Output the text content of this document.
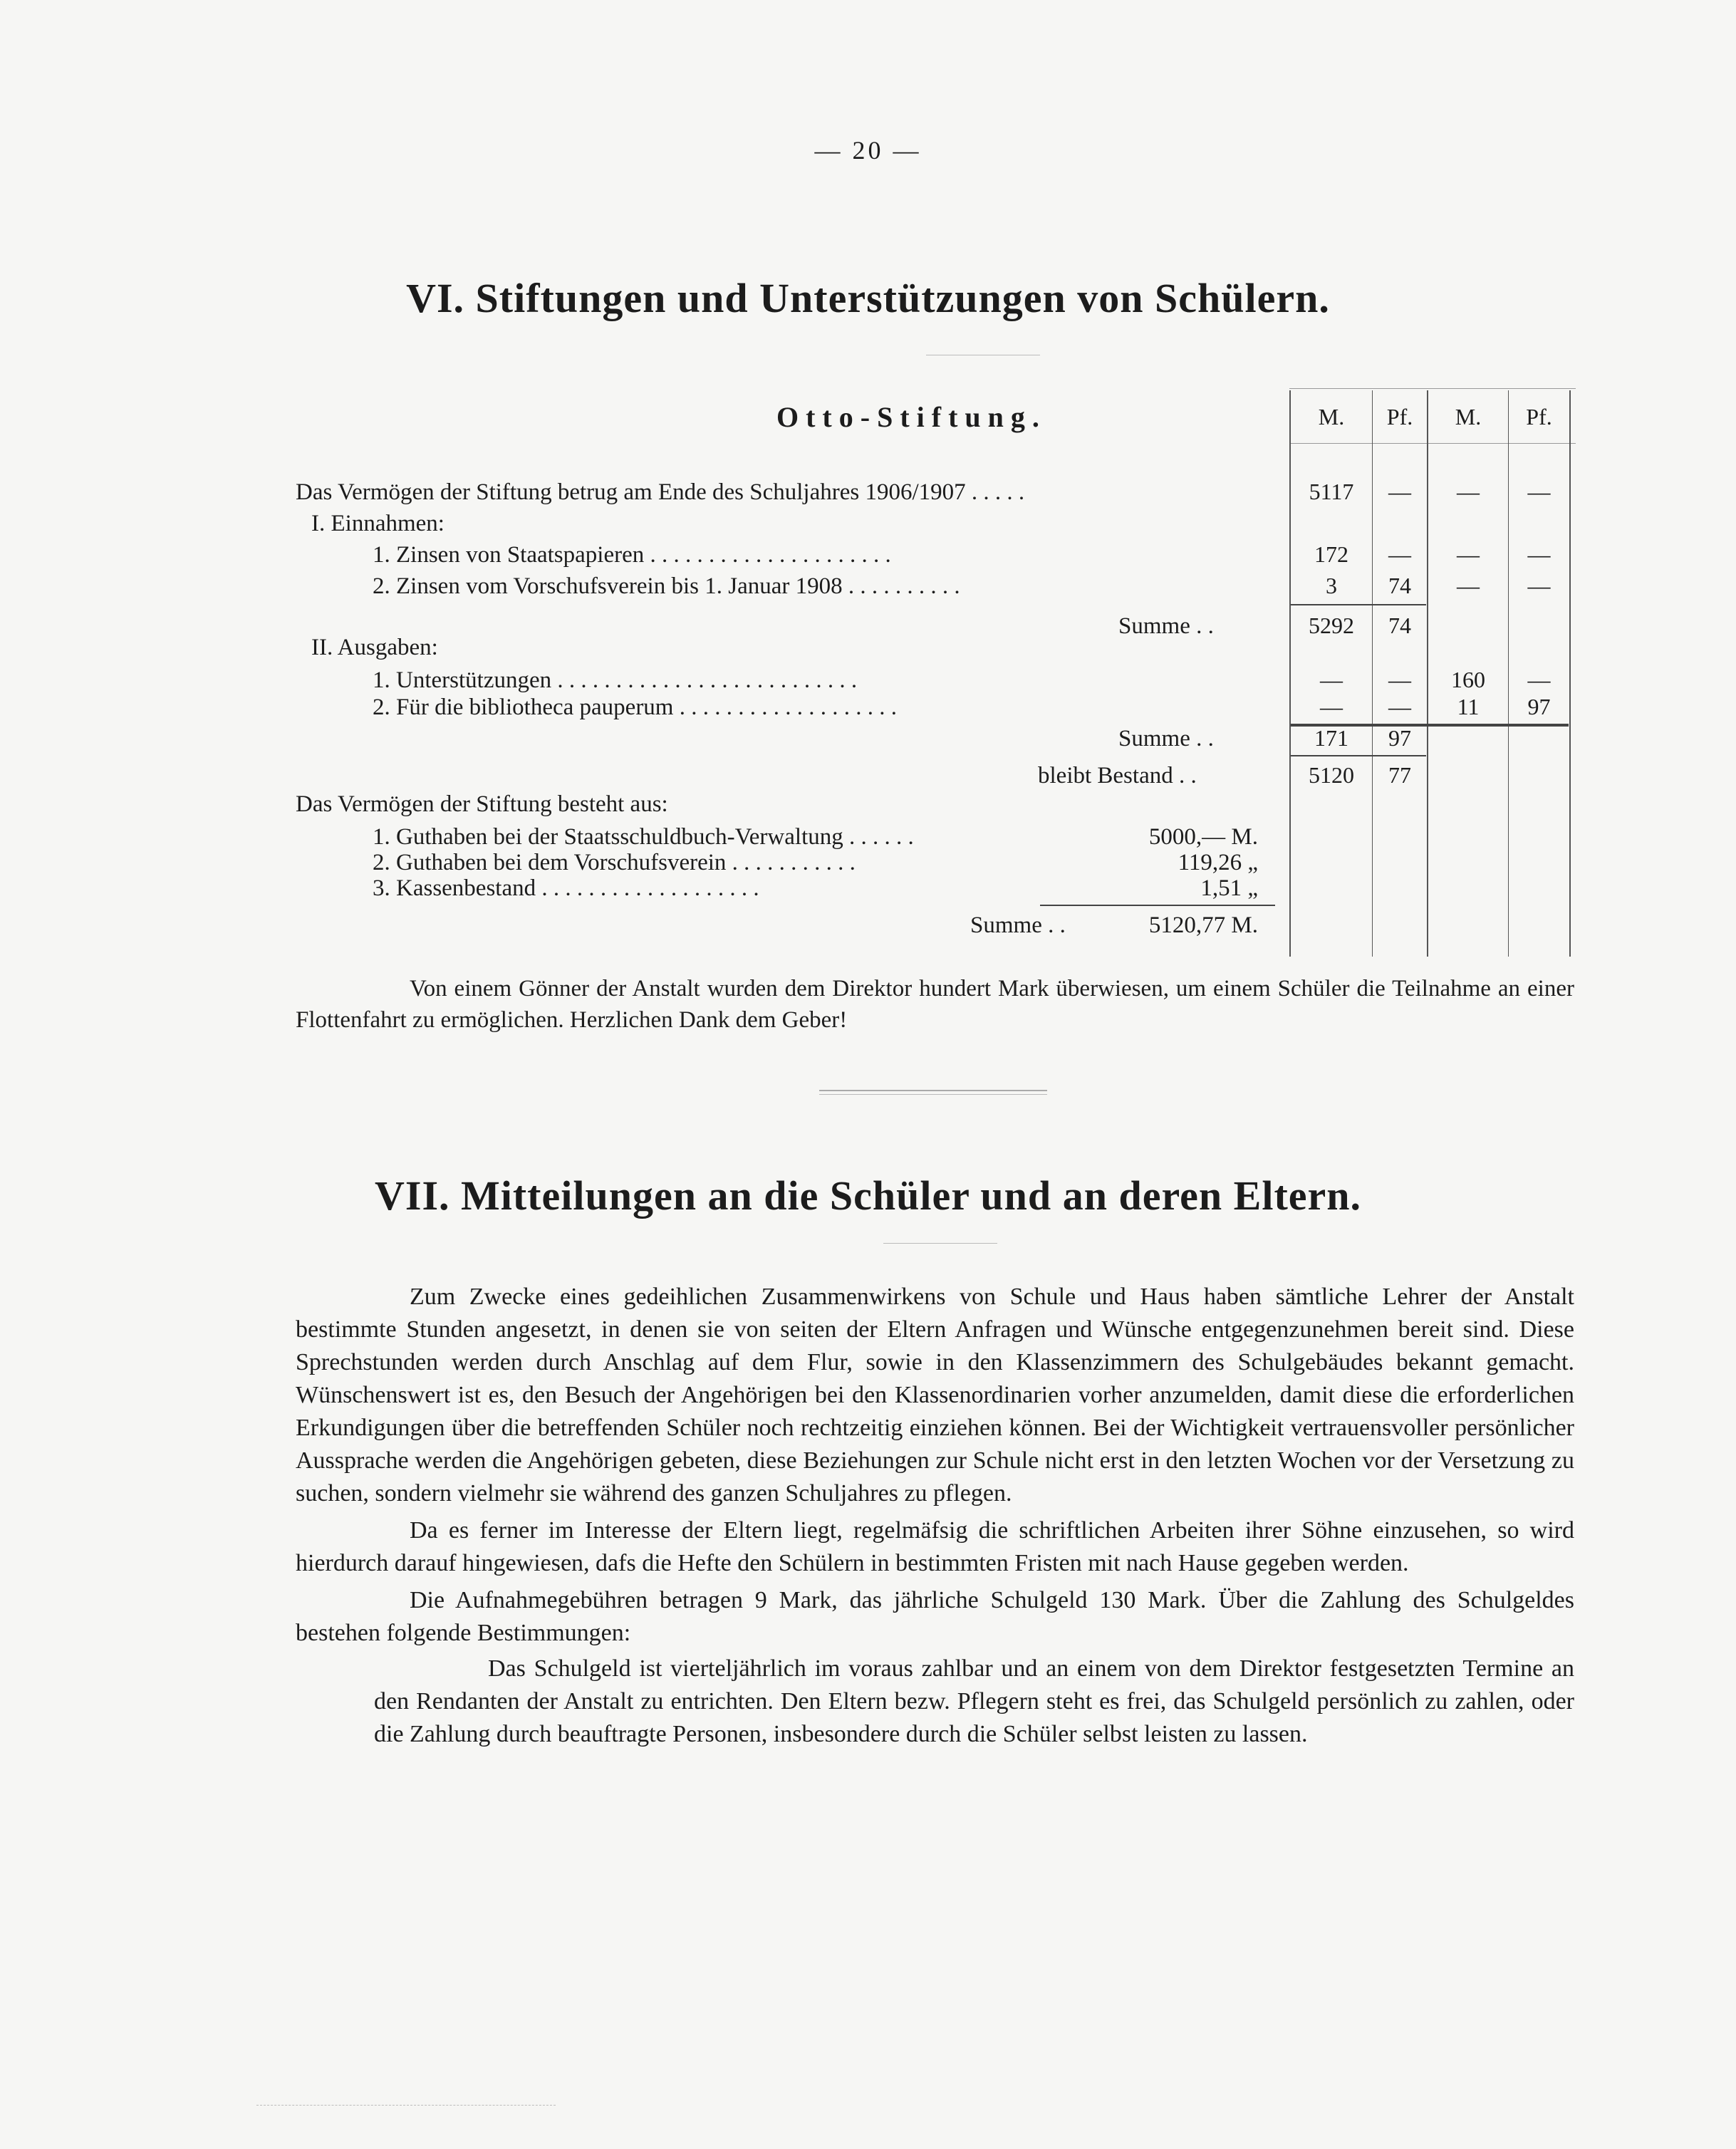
— 20 —
VI. Stiftungen und Unterstützungen von Schülern.
Otto-Stiftung.	M.	Pf.	M.	Pf.
Das Vermögen der Stiftung betrug am Ende des Schuljahres 1906/1907 . . . . .	5117	—	—	—
I. Einnahmen:
1. Zinsen von Staatspapieren . . . . . . . . . . . . . . . . . . . . .	172	—	—	—
2. Zinsen vom Vorschufsverein bis 1. Januar 1908 . . . . . . . . . .	3	74	—	—
Summe . .	5292	74
II. Ausgaben:
1. Unterstützungen . . . . . . . . . . . . . . . . . . . . . . . . . .	—	—	160	—
2. Für die bibliotheca pauperum . . . . . . . . . . . . . . . . . . .	—	—	11	97
Summe . .	171	97
bleibt Bestand . .	5120	77
Das Vermögen der Stiftung besteht aus:
1. Guthaben bei der Staatsschuldbuch-Verwaltung . . . . . .	5000,— M.
2. Guthaben bei dem Vorschufsverein . . . . . . . . . . .	119,26 „
3. Kassenbestand . . . . . . . . . . . . . . . . . . .	1,51 „
Summe . .	5120,77 M.
Von einem Gönner der Anstalt wurden dem Direktor hundert Mark überwiesen, um einem Schüler die Teilnahme an einer Flottenfahrt zu ermöglichen. Herzlichen Dank dem Geber!
VII. Mitteilungen an die Schüler und an deren Eltern.

Zum Zwecke eines gedeihlichen Zusammenwirkens von Schule und Haus haben sämtliche Lehrer der Anstalt bestimmte Stunden angesetzt, in denen sie von seiten der Eltern Anfragen und Wünsche entgegenzunehmen bereit sind. Diese Sprechstunden werden durch Anschlag auf dem Flur, sowie in den Klassenzimmern des Schulgebäudes bekannt gemacht. Wünschenswert ist es, den Besuch der Angehörigen bei den Klassenordinarien vorher anzumelden, damit diese die erforderlichen Erkundigungen über die betreffenden Schüler noch rechtzeitig einziehen können. Bei der Wichtigkeit vertrauensvoller persönlicher Aussprache werden die Angehörigen gebeten, diese Beziehungen zur Schule nicht erst in den letzten Wochen vor der Versetzung zu suchen, sondern vielmehr sie während des ganzen Schuljahres zu pflegen.

Da es ferner im Interesse der Eltern liegt, regelmäfsig die schriftlichen Arbeiten ihrer Söhne einzusehen, so wird hierdurch darauf hingewiesen, dafs die Hefte den Schülern in bestimmten Fristen mit nach Hause gegeben werden.

Die Aufnahmegebühren betragen 9 Mark, das jährliche Schulgeld 130 Mark. Über die Zahlung des Schulgeldes bestehen folgende Bestimmungen:

Das Schulgeld ist vierteljährlich im voraus zahlbar und an einem von dem Direktor festgesetzten Termine an den Rendanten der Anstalt zu entrichten. Den Eltern bezw. Pflegern steht es frei, das Schulgeld persönlich zu zahlen, oder die Zahlung durch beauftragte Personen, insbesondere durch die Schüler selbst leisten zu lassen.
